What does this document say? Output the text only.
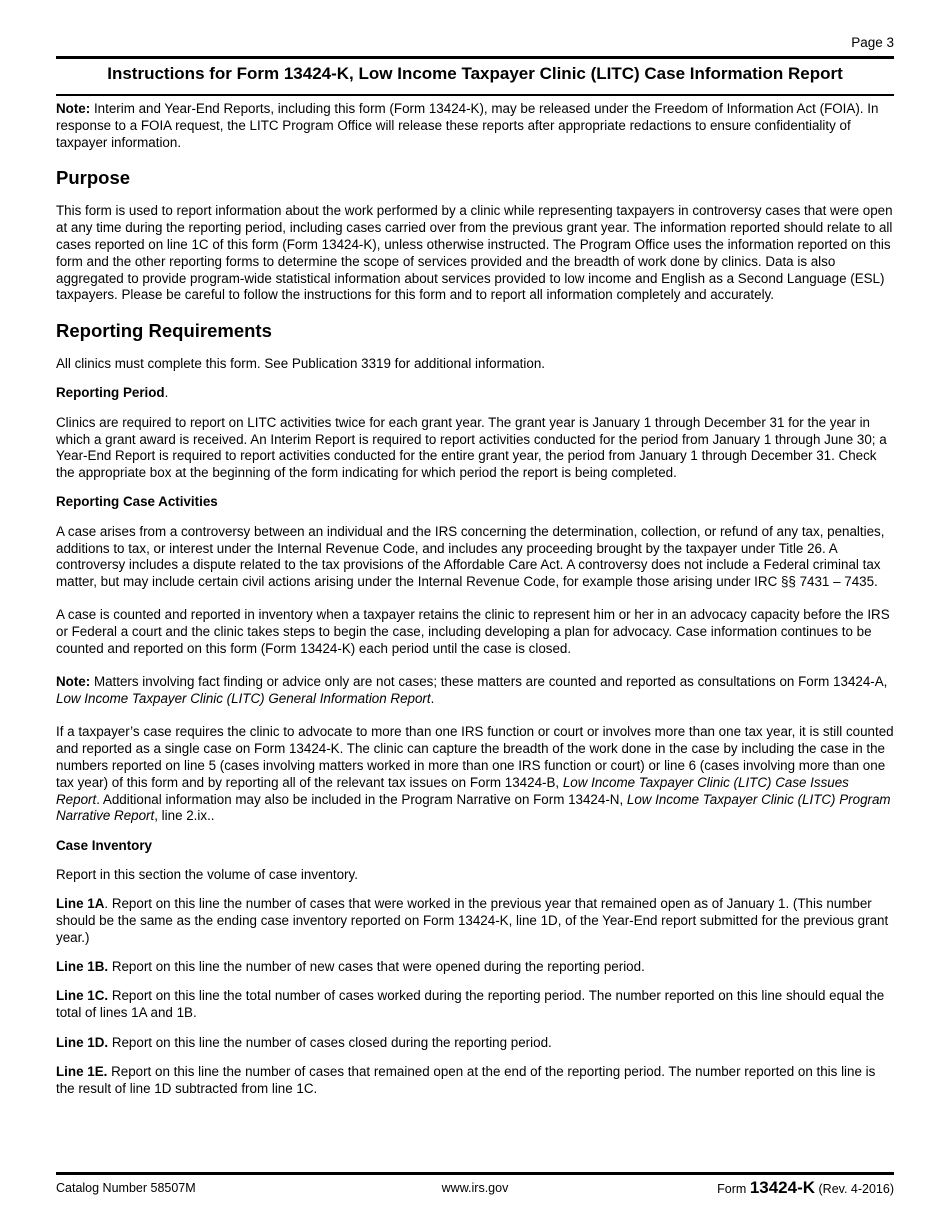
Page 3
Instructions for Form 13424-K, Low Income Taxpayer Clinic (LITC) Case Information Report

Note: Interim and Year-End Reports, including this form (Form 13424-K), may be released under the Freedom of Information Act (FOIA). In response to a FOIA request, the LITC Program Office will release these reports after appropriate redactions to ensure confidentiality of taxpayer information.

Purpose

This form is used to report information about the work performed by a clinic while representing taxpayers in controversy cases that were open at any time during the reporting period, including cases carried over from the previous grant year. The information reported should relate to all cases reported on line 1C of this form (Form 13424-K), unless otherwise instructed. The Program Office uses the information reported on this form and the other reporting forms to determine the scope of services provided and the breadth of work done by clinics. Data is also aggregated to provide program-wide statistical information about services provided to low income and English as a Second Language (ESL) taxpayers. Please be careful to follow the instructions for this form and to report all information completely and accurately.

Reporting Requirements

All clinics must complete this form. See Publication 3319 for additional information.

Reporting Period.

Clinics are required to report on LITC activities twice for each grant year. The grant year is January 1 through December 31 for the year in which a grant award is received. An Interim Report is required to report activities conducted for the period from January 1 through June 30; a Year-End Report is required to report activities conducted for the entire grant year, the period from January 1 through December 31. Check the appropriate box at the beginning of the form indicating for which period the report is being completed.

Reporting Case Activities

A case arises from a controversy between an individual and the IRS concerning the determination, collection, or refund of any tax, penalties, additions to tax, or interest under the Internal Revenue Code, and includes any proceeding brought by the taxpayer under Title 26. A controversy includes a dispute related to the tax provisions of the Affordable Care Act. A controversy does not include a Federal criminal tax matter, but may include certain civil actions arising under the Internal Revenue Code, for example those arising under IRC §§ 7431 – 7435.

A case is counted and reported in inventory when a taxpayer retains the clinic to represent him or her in an advocacy capacity before the IRS or Federal a court and the clinic takes steps to begin the case, including developing a plan for advocacy. Case information continues to be counted and reported on this form (Form 13424-K) each period until the case is closed.

Note: Matters involving fact finding or advice only are not cases; these matters are counted and reported as consultations on Form 13424-A, Low Income Taxpayer Clinic (LITC) General Information Report.

If a taxpayer’s case requires the clinic to advocate to more than one IRS function or court or involves more than one tax year, it is still counted and reported as a single case on Form 13424-K. The clinic can capture the breadth of the work done in the case by including the case in the numbers reported on line 5 (cases involving matters worked in more than one IRS function or court) or line 6 (cases involving more than one tax year) of this form and by reporting all of the relevant tax issues on Form 13424-B, Low Income Taxpayer Clinic (LITC) Case Issues Report. Additional information may also be included in the Program Narrative on Form 13424-N, Low Income Taxpayer Clinic (LITC) Program Narrative Report, line 2.ix..

Case Inventory

Report in this section the volume of case inventory.

Line 1A. Report on this line the number of cases that were worked in the previous year that remained open as of January 1. (This number should be the same as the ending case inventory reported on Form 13424-K, line 1D, of the Year-End report submitted for the previous grant year.)

Line 1B. Report on this line the number of new cases that were opened during the reporting period.

Line 1C. Report on this line the total number of cases worked during the reporting period. The number reported on this line should equal the total of lines 1A and 1B.

Line 1D. Report on this line the number of cases closed during the reporting period.

Line 1E. Report on this line the number of cases that remained open at the end of the reporting period. The number reported on this line is the result of line 1D subtracted from line 1C.

Catalog Number 58507M	www.irs.gov	Form 13424-K (Rev. 4-2016)
